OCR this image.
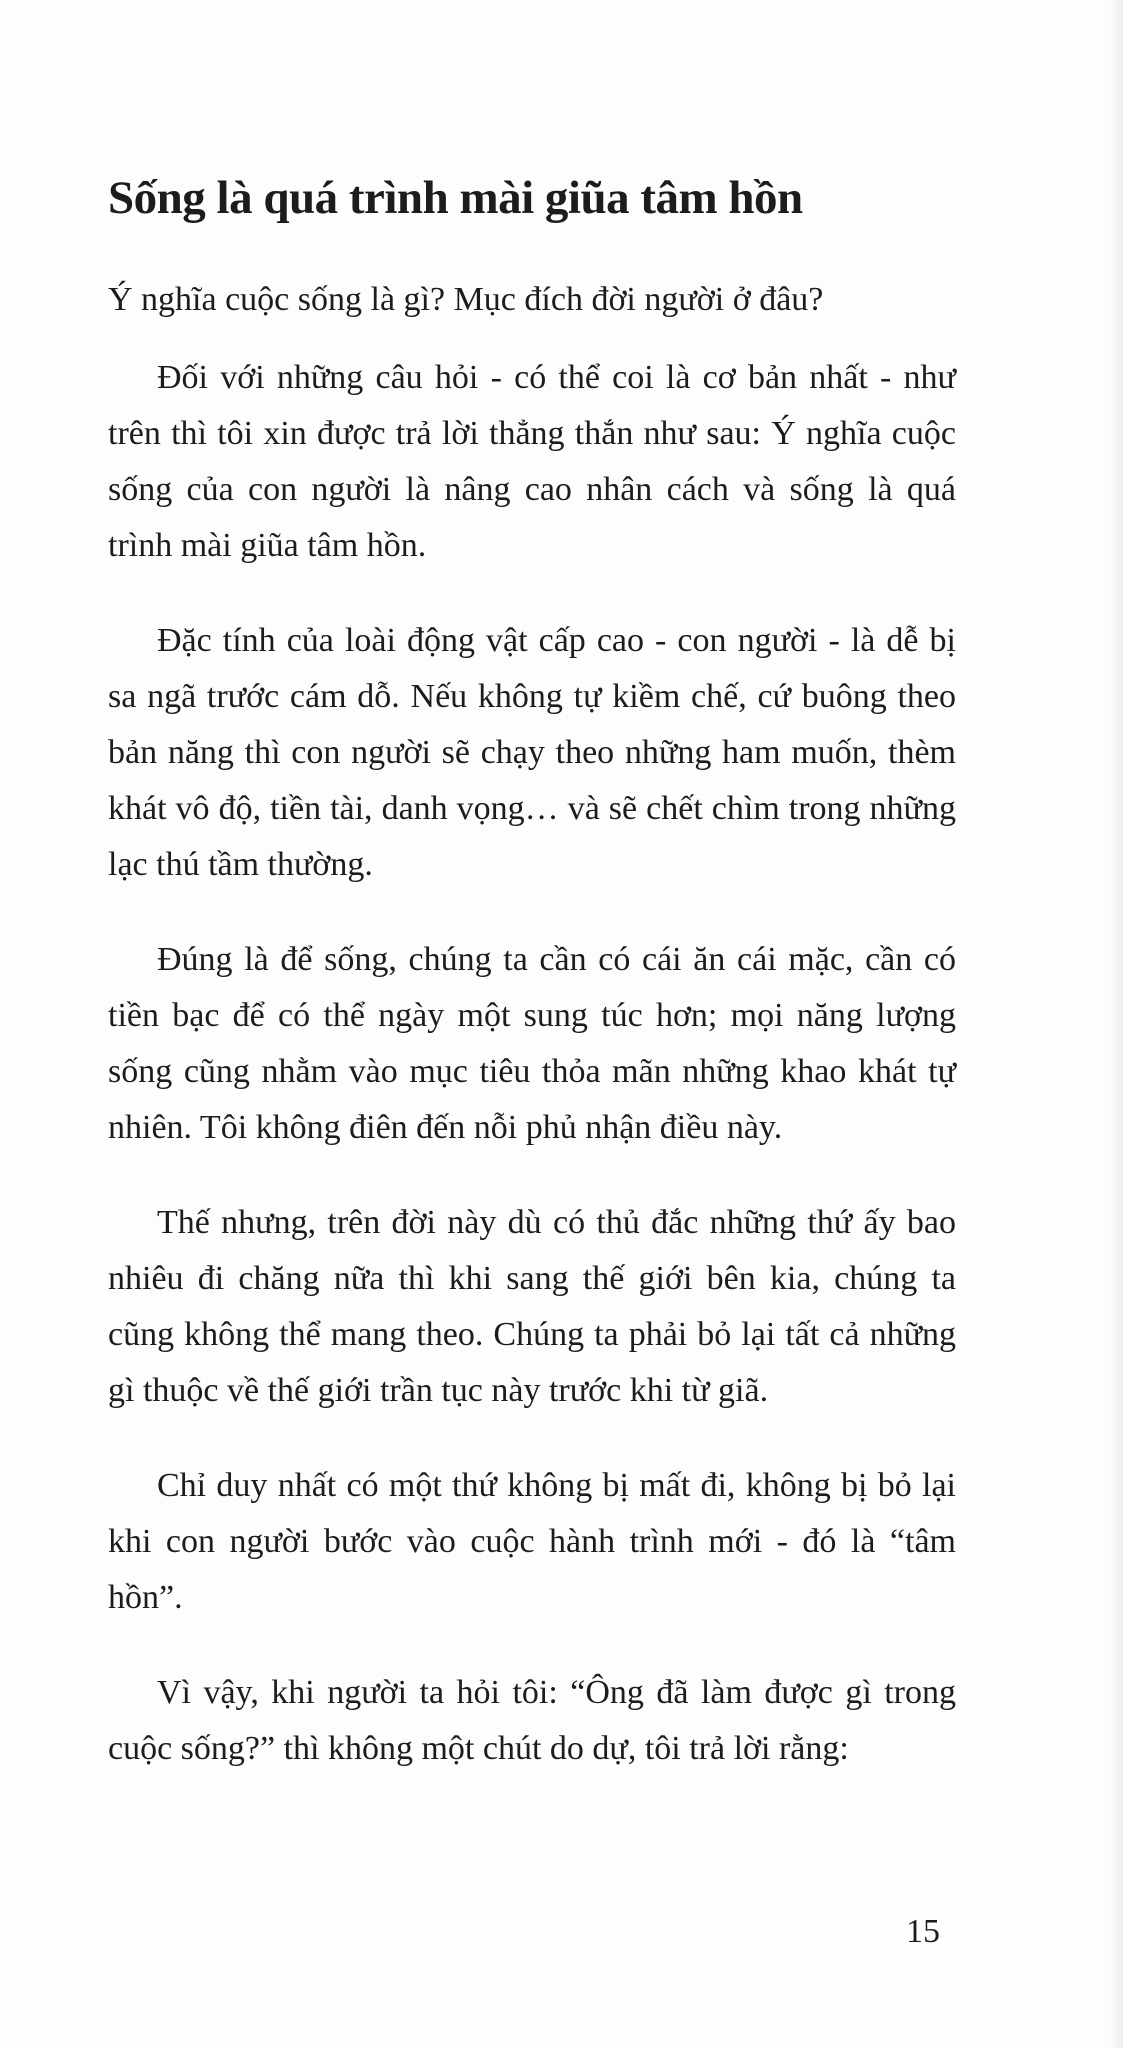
Sống là quá trình mài giũa tâm hồn

Ý nghĩa cuộc sống là gì? Mục đích đời người ở đâu?

Đối với những câu hỏi - có thể coi là cơ bản nhất - như trên thì tôi xin được trả lời thẳng thắn như sau: Ý nghĩa cuộc sống của con người là nâng cao nhân cách và sống là quá trình mài giũa tâm hồn.

Đặc tính của loài động vật cấp cao - con người - là dễ bị sa ngã trước cám dỗ. Nếu không tự kiềm chế, cứ buông theo bản năng thì con người sẽ chạy theo những ham muốn, thèm khát vô độ, tiền tài, danh vọng… và sẽ chết chìm trong những lạc thú tầm thường.

Đúng là để sống, chúng ta cần có cái ăn cái mặc, cần có tiền bạc để có thể ngày một sung túc hơn; mọi năng lượng sống cũng nhằm vào mục tiêu thỏa mãn những khao khát tự nhiên. Tôi không điên đến nỗi phủ nhận điều này.

Thế nhưng, trên đời này dù có thủ đắc những thứ ấy bao nhiêu đi chăng nữa thì khi sang thế giới bên kia, chúng ta cũng không thể mang theo. Chúng ta phải bỏ lại tất cả những gì thuộc về thế giới trần tục này trước khi từ giã.

Chỉ duy nhất có một thứ không bị mất đi, không bị bỏ lại khi con người bước vào cuộc hành trình mới - đó là “tâm hồn”.

Vì vậy, khi người ta hỏi tôi: “Ông đã làm được gì trong cuộc sống?” thì không một chút do dự, tôi trả lời rằng:

15
